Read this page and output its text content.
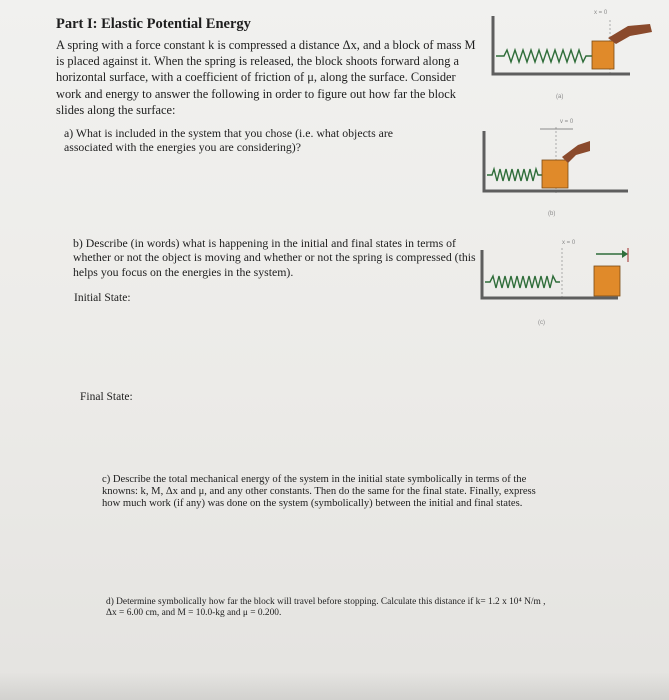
Part I: Elastic Potential Energy

A spring with a force constant k is compressed a distance Δx, and a block of mass M is placed against it. When the spring is released, the block shoots forward along a horizontal surface, with a coefficient of friction of μ, along the surface. Consider work and energy to answer the following in order to figure out how far the block slides along the surface:

a) What is included in the system that you chose (i.e. what objects are associated with the energies you are considering)?

b) Describe (in words) what is happening in the initial and final states in terms of whether or not the object is moving and whether or not the spring is compressed (this helps you focus on the energies in the system).

Initial State:

Final State:

c) Describe the total mechanical energy of the system in the initial state symbolically in terms of the knowns: k, M, Δx and μ, and any other constants. Then do the same for the final state. Finally, express how much work (if any) was done on the system (symbolically) between the initial and final states.

d) Determine symbolically how far the block will travel before stopping. Calculate this distance if k= 1.2 x 10⁴ N/m , Δx = 6.00 cm, and M = 10.0-kg and μ = 0.200.

x = 0
(a)
v = 0
(b)
x = 0
(c)
